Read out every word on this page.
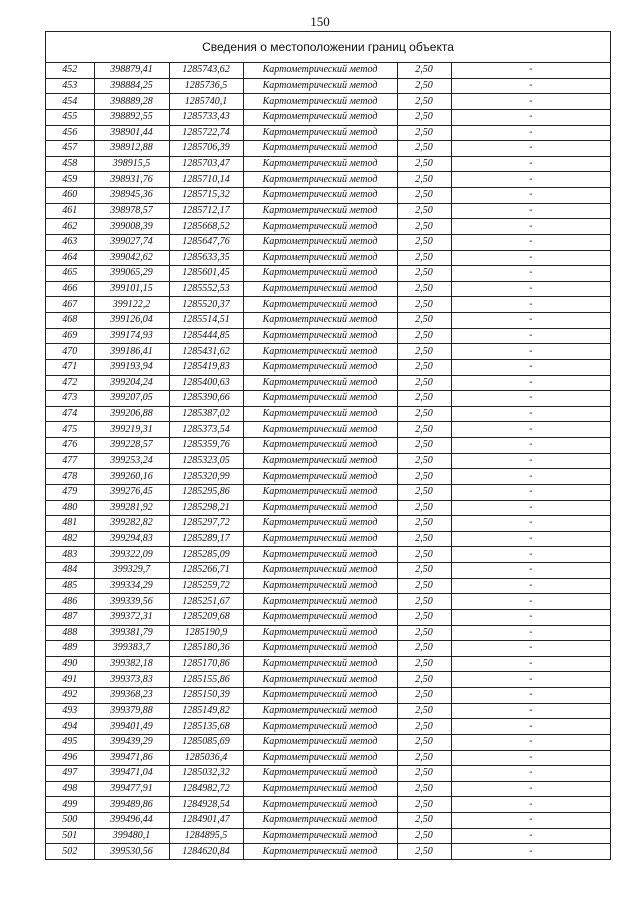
150
Сведения о местоположении границ объекта
452	398879,41	1285743,62	Картометрический метод	2,50	-
453	398884,25	1285736,5	Картометрический метод	2,50	-
454	398889,28	1285740,1	Картометрический метод	2,50	-
455	398892,55	1285733,43	Картометрический метод	2,50	-
456	398901,44	1285722,74	Картометрический метод	2,50	-
457	398912,88	1285706,39	Картометрический метод	2,50	-
458	398915,5	1285703,47	Картометрический метод	2,50	-
459	398931,76	1285710,14	Картометрический метод	2,50	-
460	398945,36	1285715,32	Картометрический метод	2,50	-
461	398978,57	1285712,17	Картометрический метод	2,50	-
462	399008,39	1285668,52	Картометрический метод	2,50	-
463	399027,74	1285647,76	Картометрический метод	2,50	-
464	399042,62	1285633,35	Картометрический метод	2,50	-
465	399065,29	1285601,45	Картометрический метод	2,50	-
466	399101,15	1285552,53	Картометрический метод	2,50	-
467	399122,2	1285520,37	Картометрический метод	2,50	-
468	399126,04	1285514,51	Картометрический метод	2,50	-
469	399174,93	1285444,85	Картометрический метод	2,50	-
470	399186,41	1285431,62	Картометрический метод	2,50	-
471	399193,94	1285419,83	Картометрический метод	2,50	-
472	399204,24	1285400,63	Картометрический метод	2,50	-
473	399207,05	1285390,66	Картометрический метод	2,50	-
474	399206,88	1285387,02	Картометрический метод	2,50	-
475	399219,31	1285373,54	Картометрический метод	2,50	-
476	399228,57	1285359,76	Картометрический метод	2,50	-
477	399253,24	1285323,05	Картометрический метод	2,50	-
478	399260,16	1285320,99	Картометрический метод	2,50	-
479	399276,45	1285295,86	Картометрический метод	2,50	-
480	399281,92	1285298,21	Картометрический метод	2,50	-
481	399282,82	1285297,72	Картометрический метод	2,50	-
482	399294,83	1285289,17	Картометрический метод	2,50	-
483	399322,09	1285285,09	Картометрический метод	2,50	-
484	399329,7	1285266,71	Картометрический метод	2,50	-
485	399334,29	1285259,72	Картометрический метод	2,50	-
486	399339,56	1285251,67	Картометрический метод	2,50	-
487	399372,31	1285209,68	Картометрический метод	2,50	-
488	399381,79	1285190,9	Картометрический метод	2,50	-
489	399383,7	1285180,36	Картометрический метод	2,50	-
490	399382,18	1285170,86	Картометрический метод	2,50	-
491	399373,83	1285155,86	Картометрический метод	2,50	-
492	399368,23	1285150,39	Картометрический метод	2,50	-
493	399379,88	1285149,82	Картометрический метод	2,50	-
494	399401,49	1285135,68	Картометрический метод	2,50	-
495	399439,29	1285085,69	Картометрический метод	2,50	-
496	399471,86	1285036,4	Картометрический метод	2,50	-
497	399471,04	1285032,32	Картометрический метод	2,50	-
498	399477,91	1284982,72	Картометрический метод	2,50	-
499	399489,86	1284928,54	Картометрический метод	2,50	-
500	399496,44	1284901,47	Картометрический метод	2,50	-
501	399480,1	1284895,5	Картометрический метод	2,50	-
502	399530,56	1284620,84	Картометрический метод	2,50	-
